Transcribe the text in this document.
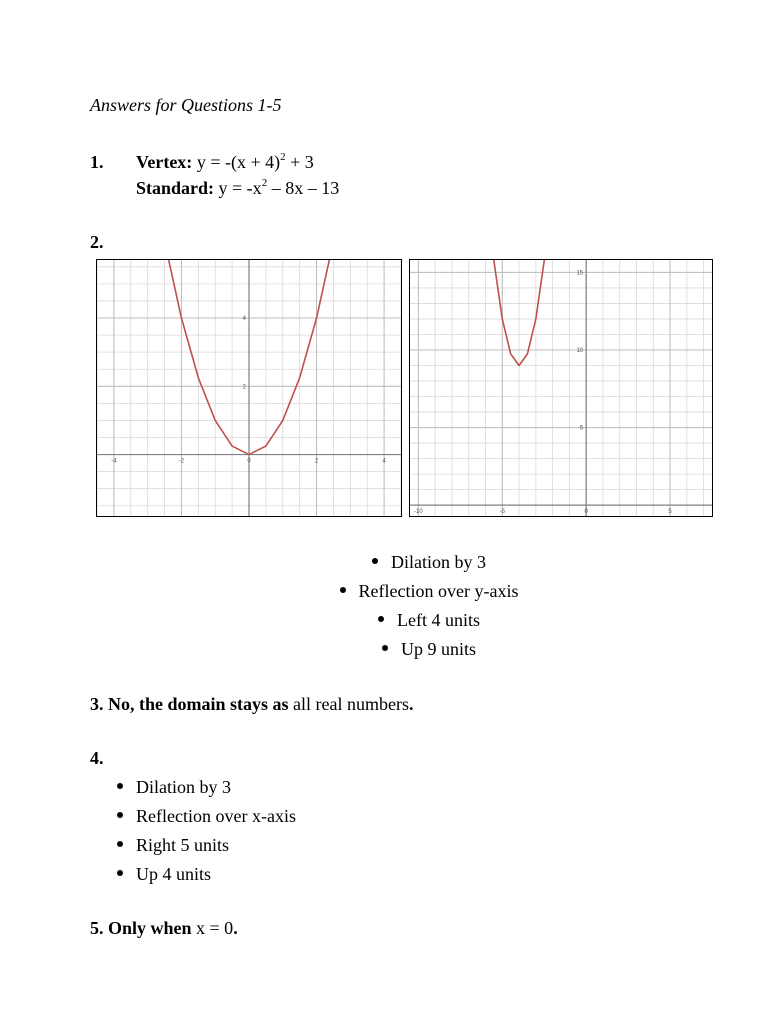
Answers for Questions 1-5
1. Vertex: $y = -(x + 4)^2 + 3$
Standard: $y = -x^2 - 8x - 13$
2.
-4	-2	0	2	4
2
4
-10	-5	0	5
5
10
15
Dilation by 3
Reflection over y-axis
Left 4 units
Up 9 units
3. No, the domain stays as all real numbers.
4.
Dilation by 3
Reflection over x-axis
Right 5 units
Up 4 units
5. Only when x = 0.
